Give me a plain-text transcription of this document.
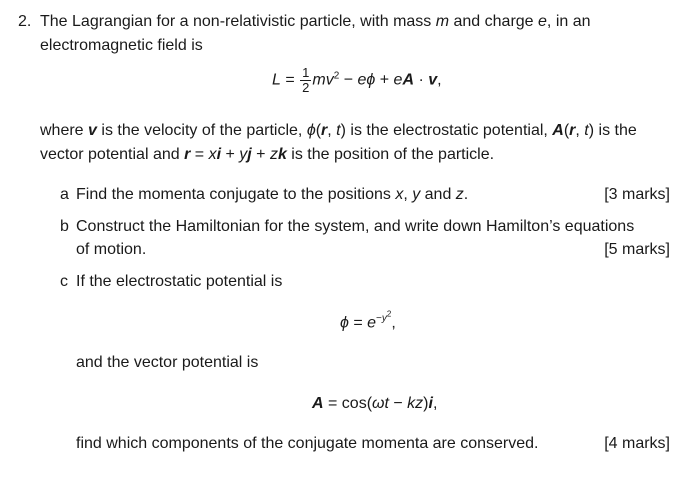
2. The Lagrangian for a non-relativistic particle, with mass m and charge e, in an
electromagnetic field is
$L = \frac{1}{2} mv^2 - e\phi$ + eA · v,
where v is the velocity of the particle, ϕ(r, t) is the electrostatic potential, A(r, t) is the
vector potential and r = xi + yj + zk is the position of the particle.
a Find the momenta conjugate to the positions x, y and z.	[3 marks]
b Construct the Hamiltonian for the system, and write down Hamilton’s equations
of motion.	[5 marks]
c If the electrostatic potential is
$\phi = e^{-y^2}$,
and the vector potential is
A = cos(ωt − kz)i,
find which components of the conjugate momenta are conserved.	[4 marks]
